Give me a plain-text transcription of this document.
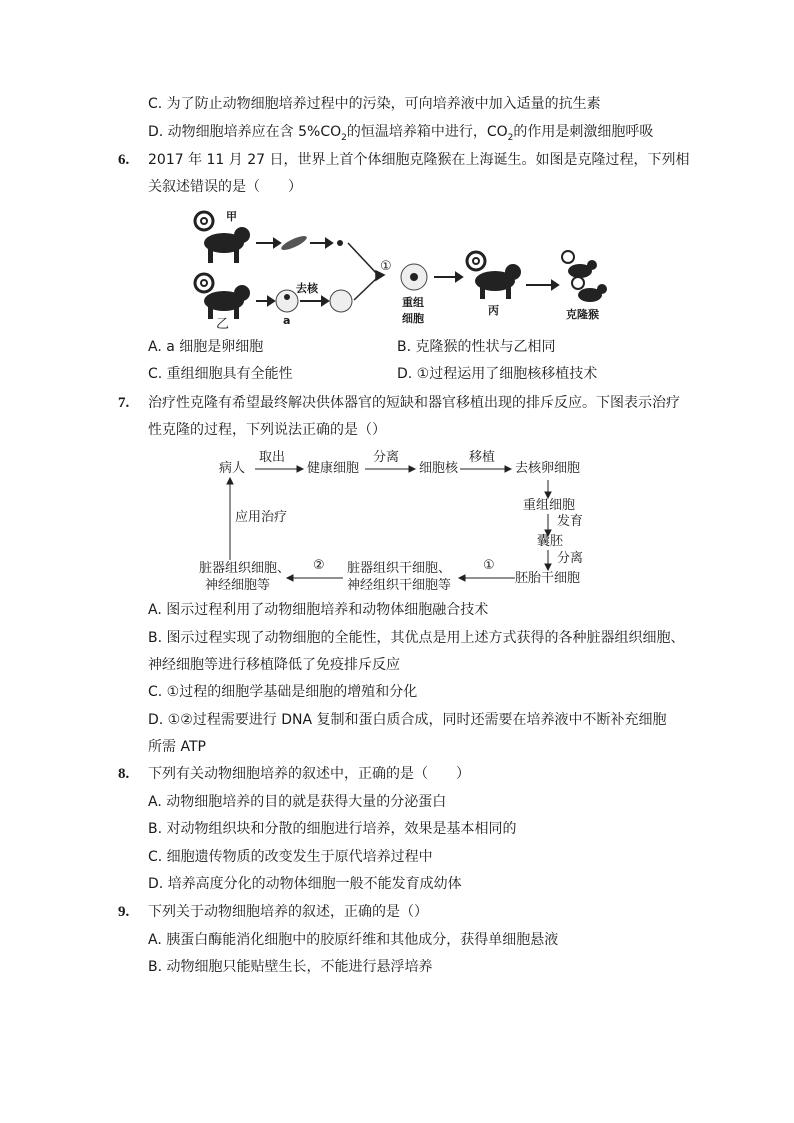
C. 为了防止动物细胞培养过程中的污染，可向培养液中加入适量的抗生素
D. 动物细胞培养应在含 $5\%CO_2$的恒温培养箱中进行，$CO_2$的作用是刺激细胞呼吸
6. 2017 年 11 月 27 日，世界上首个体细胞克隆猴在上海诞生。如图是克隆过程，下列相
关叙述错误的是（　　）
甲
乙
去核
a
①
重组
细胞
丙	克隆猴
A. a 细胞是卵细胞	B. 克隆猴的性状与乙相同
C. 重组细胞具有全能性	D. ①过程运用了细胞核移植技术
7. 治疗性克隆有希望最终解决供体器官的短缺和器官移植出现的排斥反应。下图表示治疗
性克隆的过程，下列说法正确的是（）
病人
取出
健康细胞
分离
细胞核
移植
去核卵细胞
重组细胞
发育
囊胚
分离
胚胎干细胞
①
脏器组织干细胞、
神经组织干细胞等
②
脏器组织细胞、
神经细胞等
应用治疗
A. 图示过程利用了动物细胞培养和动物体细胞融合技术
B. 图示过程实现了动物细胞的全能性，其优点是用上述方式获得的各种脏器组织细胞、
神经细胞等进行移植降低了免疫排斥反应
C. ①过程的细胞学基础是细胞的增殖和分化
D. ①②过程需要进行 DNA 复制和蛋白质合成，同时还需要在培养液中不断补充细胞
所需 ATP
8. 下列有关动物细胞培养的叙述中，正确的是（　　）
A. 动物细胞培养的目的就是获得大量的分泌蛋白
B. 对动物组织块和分散的细胞进行培养，效果是基本相同的
C. 细胞遗传物质的改变发生于原代培养过程中
D. 培养高度分化的动物体细胞一般不能发育成幼体
9. 下列关于动物细胞培养的叙述，正确的是（）
A. 胰蛋白酶能消化细胞中的胶原纤维和其他成分，获得单细胞悬液
B. 动物细胞只能贴壁生长，不能进行悬浮培养
